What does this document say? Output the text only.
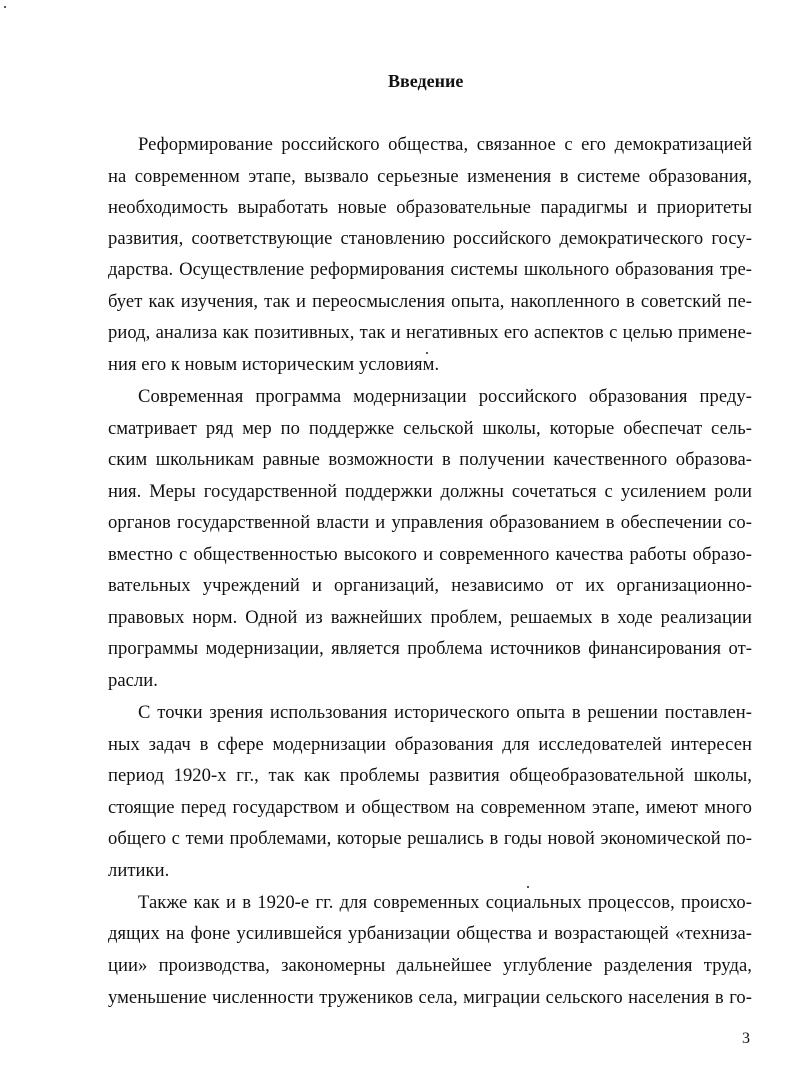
Введение
Реформирование российского общества, связанное с его демократизацией
на современном этапе, вызвало серьезные изменения в системе образования,
необходимость выработать новые образовательные парадигмы и приоритеты
развития, соответствующие становлению российского демократического госу-
дарства. Осуществление реформирования системы школьного образования тре-
бует как изучения, так и переосмысления опыта, накопленного в советский пе-
риод, анализа как позитивных, так и негативных его аспектов с целью примене-
ния его к новым историческим условиям.
Современная программа модернизации российского образования преду-
сматривает ряд мер по поддержке сельской школы, которые обеспечат сель-
ским школьникам равные возможности в получении качественного образова-
ния. Меры государственной поддержки должны сочетаться с усилением роли
органов государственной власти и управления образованием в обеспечении со-
вместно с общественностью высокого и современного качества работы образо-
вательных учреждений и организаций, независимо от их организационно-
правовых норм. Одной из важнейших проблем, решаемых в ходе реализации
программы модернизации, является проблема источников финансирования от-
расли.
С точки зрения использования исторического опыта в решении поставлен-
ных задач в сфере модернизации образования для исследователей интересен
период 1920-х гг., так как проблемы развития общеобразовательной школы,
стоящие перед государством и обществом на современном этапе, имеют много
общего с теми проблемами, которые решались в годы новой экономической по-
литики.
Также как и в 1920-е гг. для современных социальных процессов, происхо-
дящих на фоне усилившейся урбанизации общества и возрастающей «техниза-
ции» производства, закономерны дальнейшее углубление разделения труда,
уменьшение численности тружеников села, миграции сельского населения в го-
3
